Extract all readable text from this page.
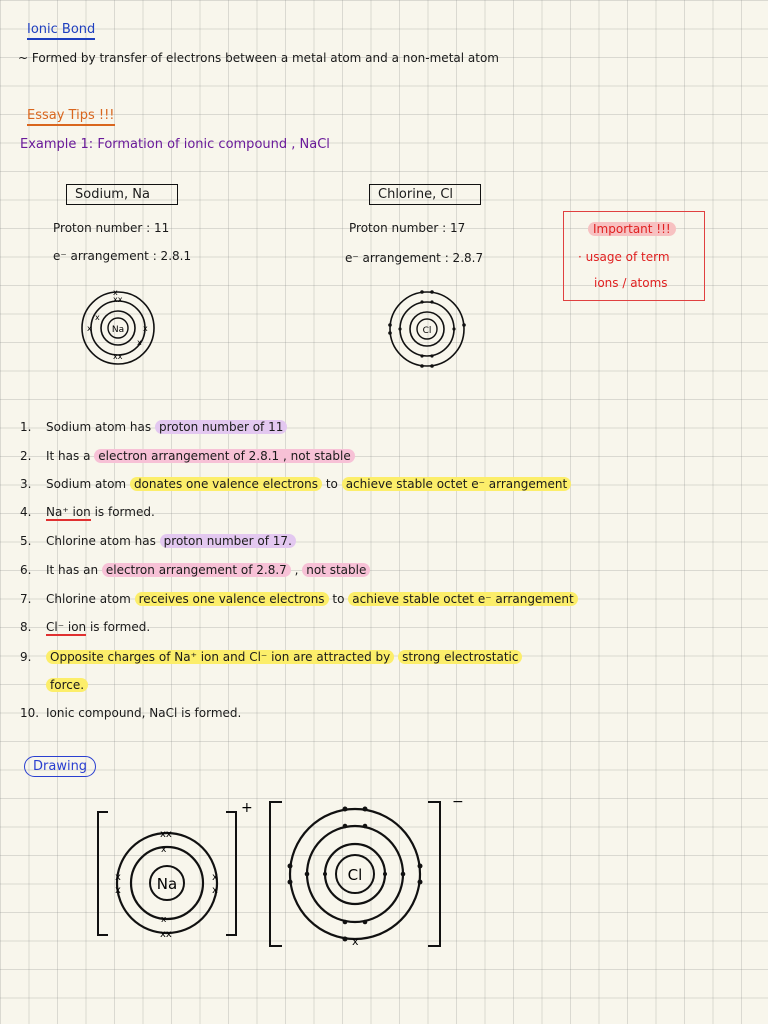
Ionic Bond
~ Formed by transfer of electrons between a metal atom and a non-metal atom
Essay Tips !!!
Example 1: Formation of ionic compound , NaCl
Sodium, Na
Proton number : 11
e⁻ arrangement : 2.8.1
Chlorine, Cl
Proton number : 17
e⁻ arrangement : 2.8.7
Important !!!
· usage of term
ions / atoms
Na
x
xx
xx
x	x
x
x
Cl
+
Na
xx
xx
x
x
x
x
x
x
−
Cl
x
1. Sodium atom has proton number of 11
2. It has a electron arrangement of 2.8.1 , not stable
3. Sodium atom donates one valence electrons to achieve stable octet e⁻ arrangement
4. Na⁺ ion is formed.
5. Chlorine atom has proton number of 17.
6. It has an electron arrangement of 2.8.7 , not stable
7. Chlorine atom receives one valence electrons to achieve stable octet e⁻ arrangement
8. Cl⁻ ion is formed.
9. Opposite charges of Na⁺ ion and Cl⁻ ion are attracted by strong electrostatic
force.
10. Ionic compound, NaCl is formed.
Drawing
